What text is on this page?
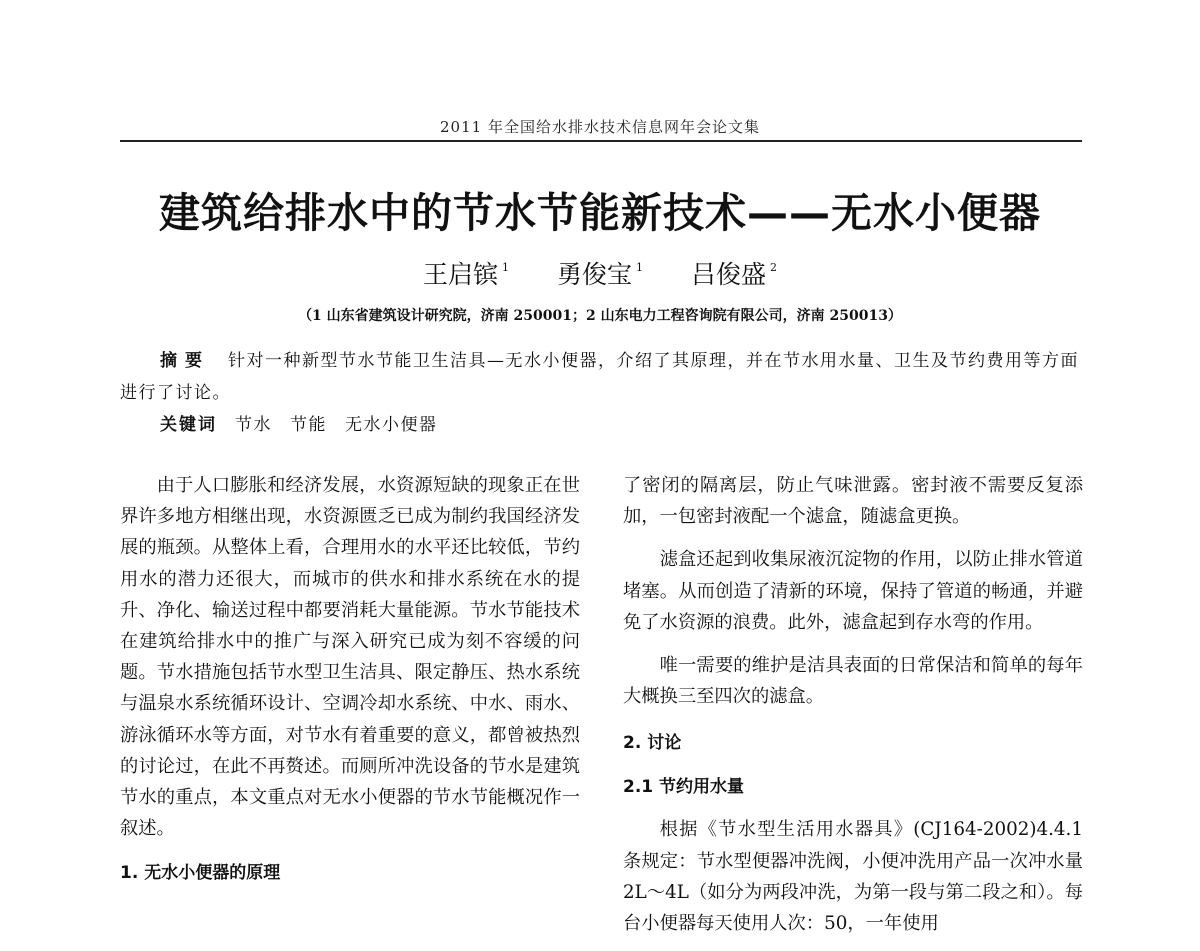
2011 年全国给水排水技术信息网年会论文集
建筑给排水中的节水节能新技术——无水小便器
王启镔 $^1$ 勇俊宝 $^1$ 吕俊盛 $^2$
（1 山东省建筑设计研究院，济南 250001；2 山东电力工程咨询院有限公司，济南 250013）

摘要 针对一种新型节水节能卫生洁具—无水小便器，介绍了其原理，并在节水用水量、卫生及节约费用等方面进行了讨论。

关键词 节水 节能 无水小便器

由于人口膨胀和经济发展，水资源短缺的现象正在世界许多地方相继出现，水资源匮乏已成为制约我国经济发展的瓶颈。从整体上看，合理用水的水平还比较低，节约用水的潜力还很大，而城市的供水和排水系统在水的提升、净化、输送过程中都要消耗大量能源。节水节能技术在建筑给排水中的推广与深入研究已成为刻不容缓的问题。节水措施包括节水型卫生洁具、限定静压、热水系统与温泉水系统循环设计、空调冷却水系统、中水、雨水、游泳循环水等方面，对节水有着重要的意义，都曾被热烈的讨论过，在此不再赘述。而厕所冲洗设备的节水是建筑节水的重点，本文重点对无水小便器的节水节能概况作一叙述。

1. 无水小便器的原理

了密闭的隔离层，防止气味泄露。密封液不需要反复添加，一包密封液配一个滤盒，随滤盒更换。

滤盒还起到收集尿液沉淀物的作用，以防止排水管道堵塞。从而创造了清新的环境，保持了管道的畅通，并避免了水资源的浪费。此外，滤盒起到存水弯的作用。

唯一需要的维护是洁具表面的日常保洁和简单的每年大概换三至四次的滤盒。

2. 讨论

2.1 节约用水量

根据《节水型生活用水器具》(CJ164-2002)4.4.1条规定：节水型便器冲洗阀，小便冲洗用产品一次冲水量 2L～4L（如分为两段冲洗，为第一段与第二段之和）。每台小便器每天使用人次：50，一年使用
